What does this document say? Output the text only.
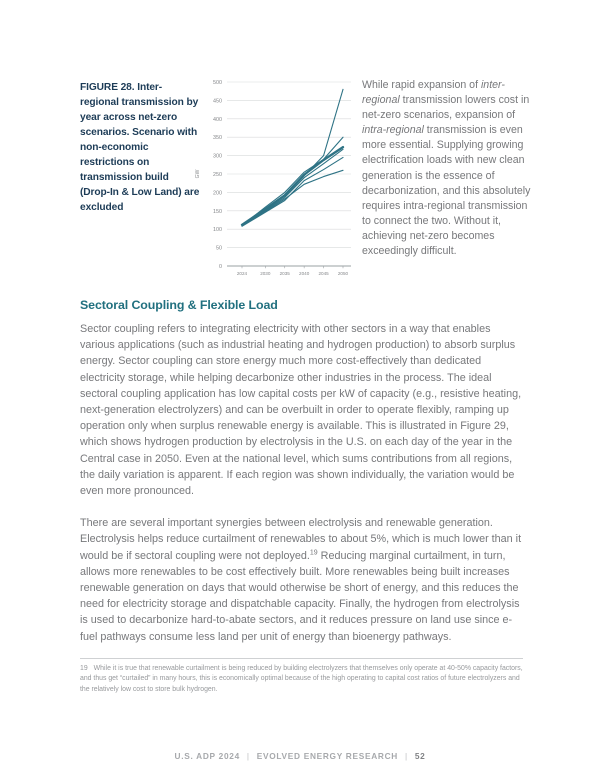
FIGURE 28. Inter-regional transmission by year across net-zero scenarios. Scenario with non-economic restrictions on transmission build (Drop-In & Low Land) are excluded
0
50
100
150
200
250
300
350
400
450
500
2024	2030 2035 2040 2045 2050
GW
While rapid expansion of inter-regional transmission lowers cost in net-zero scenarios, expansion of intra-regional transmission is even more essential. Supplying growing electrification loads with new clean generation is the essence of decarbonization, and this absolutely requires intra-regional transmission to connect the two. Without it, achieving net-zero becomes exceedingly difficult.
Sectoral Coupling & Flexible Load

Sector coupling refers to integrating electricity with other sectors in a way that enables various applications (such as industrial heating and hydrogen production) to absorb surplus energy. Sector coupling can store energy much more cost-effectively than dedicated electricity storage, while helping decarbonize other industries in the process. The ideal sectoral coupling application has low capital costs per kW of capacity (e.g., resistive heating, next-generation electrolyzers) and can be overbuilt in order to operate flexibly, ramping up operation only when surplus renewable energy is available. This is illustrated in Figure 29, which shows hydrogen production by electrolysis in the U.S. on each day of the year in the Central case in 2050. Even at the national level, which sums contributions from all regions, the daily variation is apparent. If each region was shown individually, the variation would be even more pronounced.

There are several important synergies between electrolysis and renewable generation. Electrolysis helps reduce curtailment of renewables to about 5%, which is much lower than it would be if sectoral coupling were not deployed.$^{19}$ Reducing marginal curtailment, in turn, allows more renewables to be cost effectively built. More renewables being built increases renewable generation on days that would otherwise be short of energy, and this reduces the need for electricity storage and dispatchable capacity. Finally, the hydrogen from electrolysis is used to decarbonize hard-to-abate sectors, and it reduces pressure on land use since e-fuel pathways consume less land per unit of energy than bioenergy pathways.

19 While it is true that renewable curtailment is being reduced by building electrolyzers that themselves only operate at 40-50% capacity factors, and thus get “curtailed” in many hours, this is economically optimal because of the high operating to capital cost ratios of future electrolyzers and the relatively low cost to store bulk hydrogen.
U.S. ADP 2024 | EVOLVED ENERGY RESEARCH | 52
